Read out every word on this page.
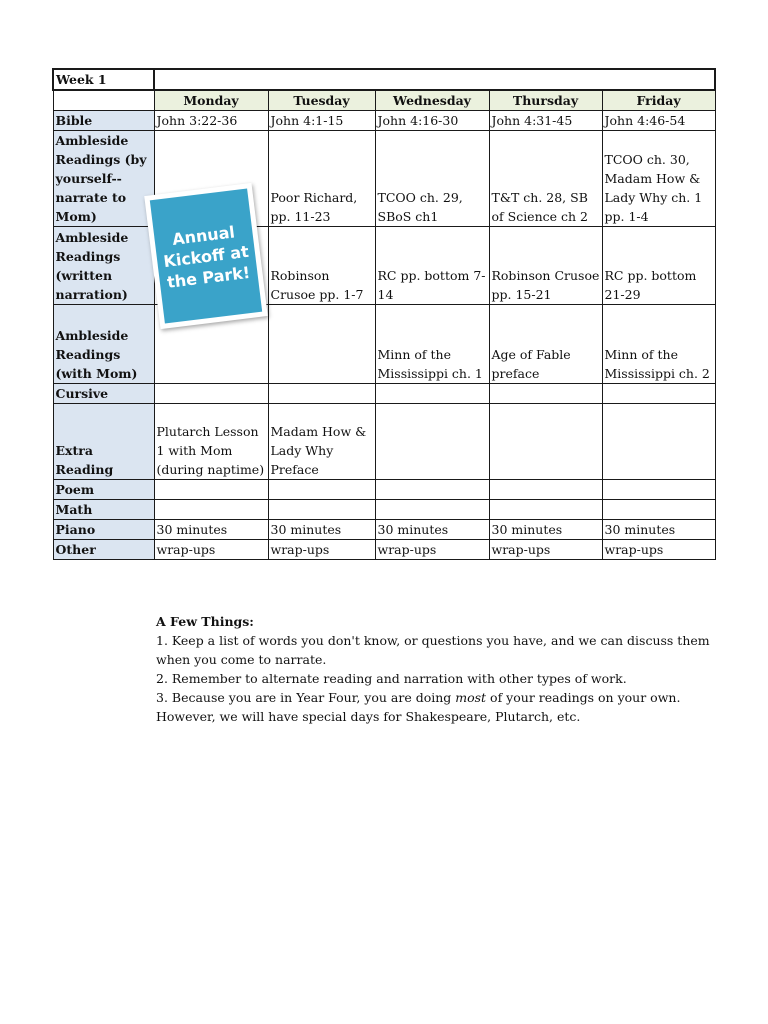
Week 1					
	Monday	Tuesday	Wednesday	Thursday	Friday
Bible	John 3:22-36	John 4:1-15	John 4:16-30	John 4:31-45	John 4:46-54
Ambleside Readings (by yourself--narrate to Mom)		Poor Richard, pp. 11-23	TCOO ch. 29, SBoS ch1	T&T ch. 28, SB of Science ch 2	TCOO ch. 30, Madam How & Lady Why ch. 1 pp. 1-4
Ambleside Readings (written narration)		Robinson Crusoe pp. 1-7	RC pp. bottom 7-14	Robinson Crusoe pp. 15-21	RC pp. bottom 21-29
Ambleside Readings (with Mom)			Minn of the Mississippi ch. 1	Age of Fable preface	Minn of the Mississippi ch. 2
Cursive					
Extra Reading	Plutarch Lesson 1 with Mom (during naptime)	Madam How & Lady Why Preface			
Poem					
Math					
Piano	30 minutes	30 minutes	30 minutes	30 minutes	30 minutes
Other	wrap-ups	wrap-ups	wrap-ups	wrap-ups	wrap-ups
Annual Kickoff at the Park!

A Few Things:

1. Keep a list of words you don't know, or questions you have, and we can discuss them when you come to narrate.

2. Remember to alternate reading and narration with other types of work.

3. Because you are in Year Four, you are doing most of your readings on your own. However, we will have special days for Shakespeare, Plutarch, etc.
